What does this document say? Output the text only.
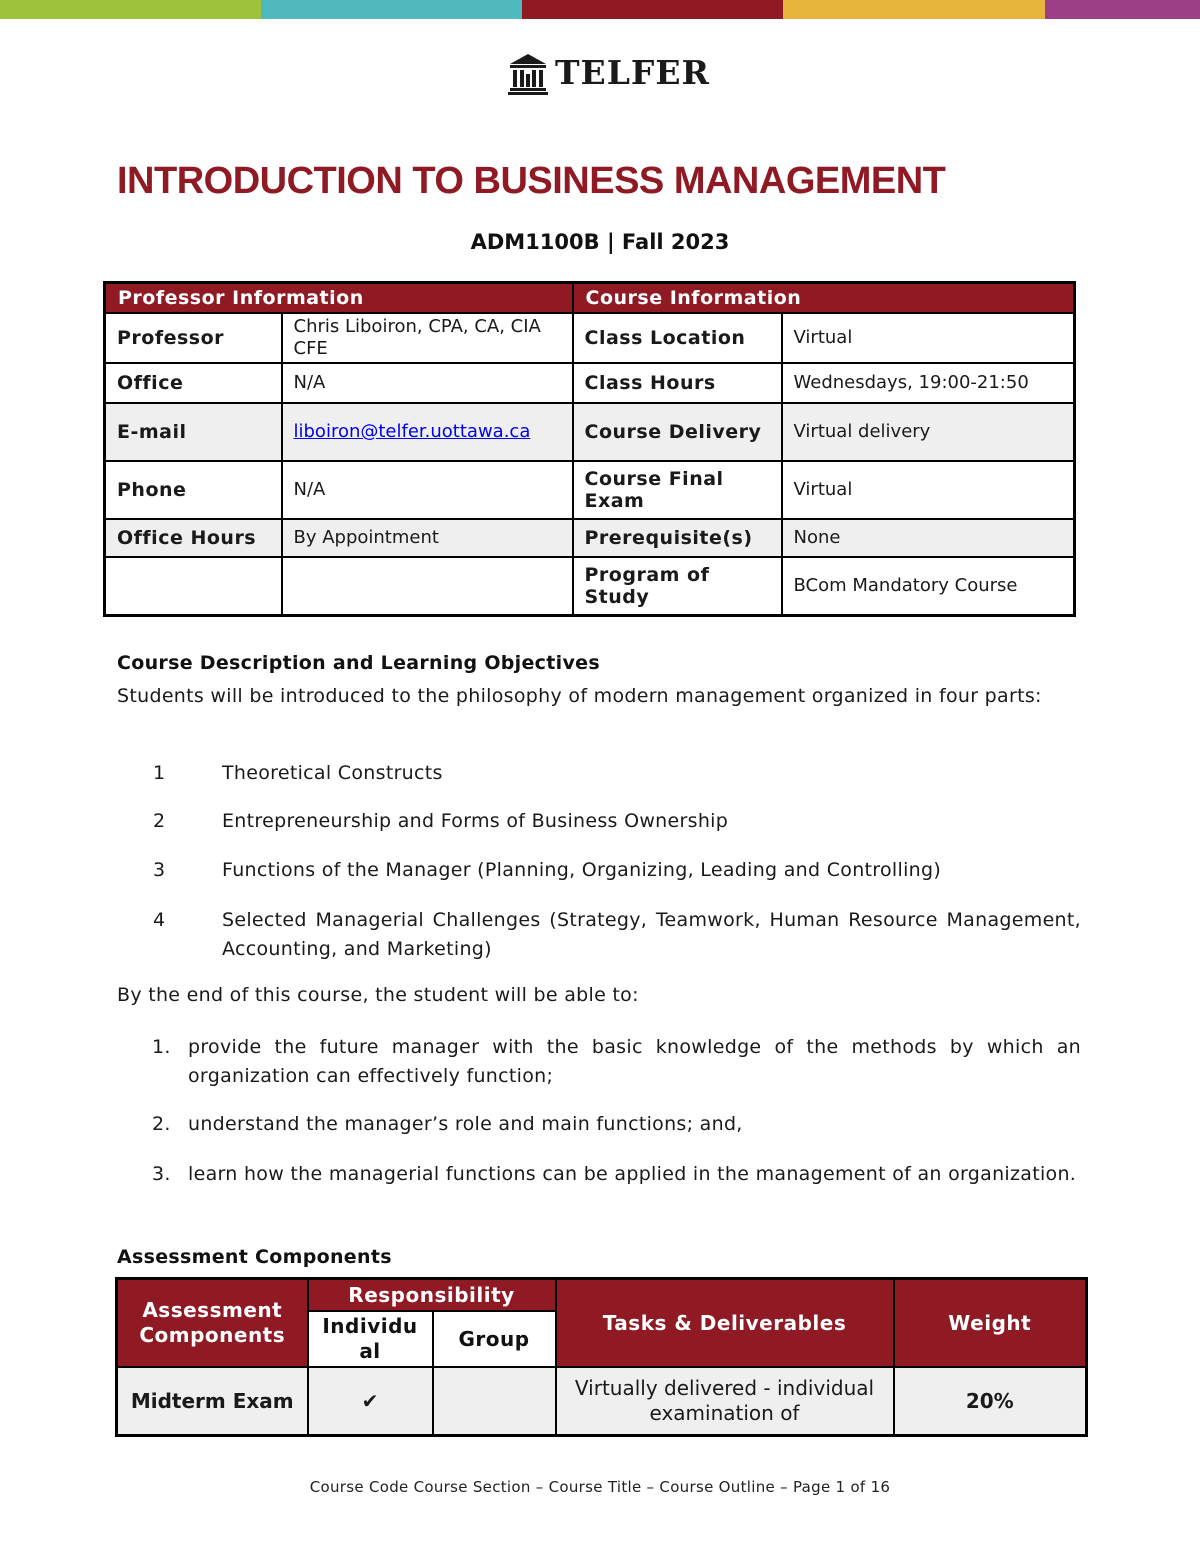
TELFER
INTRODUCTION TO BUSINESS MANAGEMENT

ADM1100B | Fall 2023

Professor Information		Course Information	
Professor	Chris Liboiron, CPA, CA, CIA CFE	Class Location	Virtual
Office	N/A	Class Hours	Wednesdays, 19:00-21:50
E-mail	liboiron@telfer.uottawa.ca	Course Delivery	Virtual delivery
Phone	N/A	Course Final Exam	Virtual
Office Hours	By Appointment	Prerequisite(s)	None
		Program of Study	BCom Mandatory Course
Course Description and Learning Objectives

Students will be introduced to the philosophy of modern management organized in four parts:

1	Theoretical Constructs
2	Entrepreneurship and Forms of Business Ownership
3	Functions of the Manager (Planning, Organizing, Leading and Controlling)
4	Selected Managerial Challenges (Strategy, Teamwork, Human Resource Management, Accounting, and Marketing)

By the end of this course, the student will be able to:

1. provide the future manager with the basic knowledge of the methods by which an organization can effectively function;
2. understand the manager’s role and main functions; and,
3. learn how the managerial functions can be applied in the management of an organization.
Assessment Components
Assessment Components	Responsibility		Tasks & Deliverables	Weight
	Individu al	Group		
Midterm Exam	✔		Virtually delivered - individual examination of	20%
Course Code Course Section – Course Title – Course Outline – Page 1 of 16
